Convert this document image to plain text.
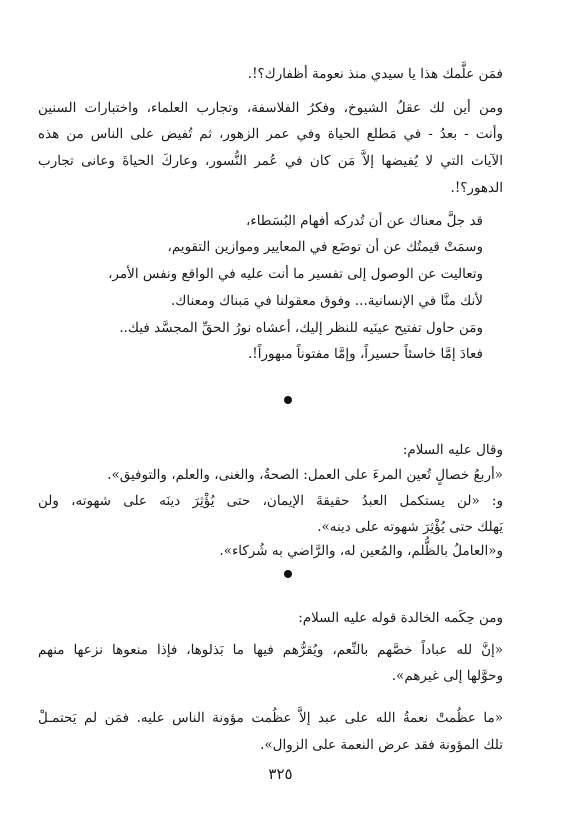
فمَن علَّمك هذا يا سيدي منذ نعومة أظفارك؟!.
ومن أين لك عقلُ الشيوخ، وفكرُ الفلاسفة، وتجارب العلماء، واختبارات السنين
وأنت - بعدُ - في مَطلع الحياة وفي عمر الزهور، ثم تُفيض على الناس من هذه
الآيات التي لا يُفيضها إلاَّ مَن كان في عُمر النُّسور، وعاركَ الحياةَ وعانى تجارب
الدهور؟!.
قد جلَّ معناك عن أن تُدركه أفهام البُسَطاء،
وسمَتْ قيمتُك عن أن توضَع في المعايير وموازين التقويم،
وتعاليت عن الوصول إلى تفسير ما أنت عليه في الواقع ونفس الأمر،
لأنك منَّا في الإنسانية... وفوق معقولنا في مَبناك ومعناك.
ومَن حاول تفتيح عينَيه للنظر إليك، أعشاه نورُ الحقِّ المجسَّد فيك..
فعادَ إمَّا خاسئاً حسيراً، وإمَّا مفتوناً مبهوراً!.
وقال عليه السلام:
«أربعُ خصالٍ تُعين المرءَ على العمل: الصحةُ، والغنى، والعلم، والتوفيق».
و: «لن يستكمل العبدُ حقيقةَ الإيمان، حتى يُؤْثِرَ دينَه على شهوته، ولن
يَهلك حتى يُؤْثِرَ شهوته على دينه».
و«العاملُ بالظُّلم، والمُعين له، والرَّاضي به شُركاء».
ومن حِكَمه الخالدة قوله عليه السلام:
«إنَّ لله عباداً خصَّهم بالنِّعم، ويُقرُّهم فيها ما بَذلوها، فإذا منعوها نزعها منهم
وحوَّلها إلى غيرهم».
«ما عظُمتْ نعمةُ الله على عبد إلاَّ عظُمت مؤونة الناس عليه. فمَن لم يَحتمـلْ
تلك المؤونة فقد عرض النعمة على الزوال».
٣٢٥
